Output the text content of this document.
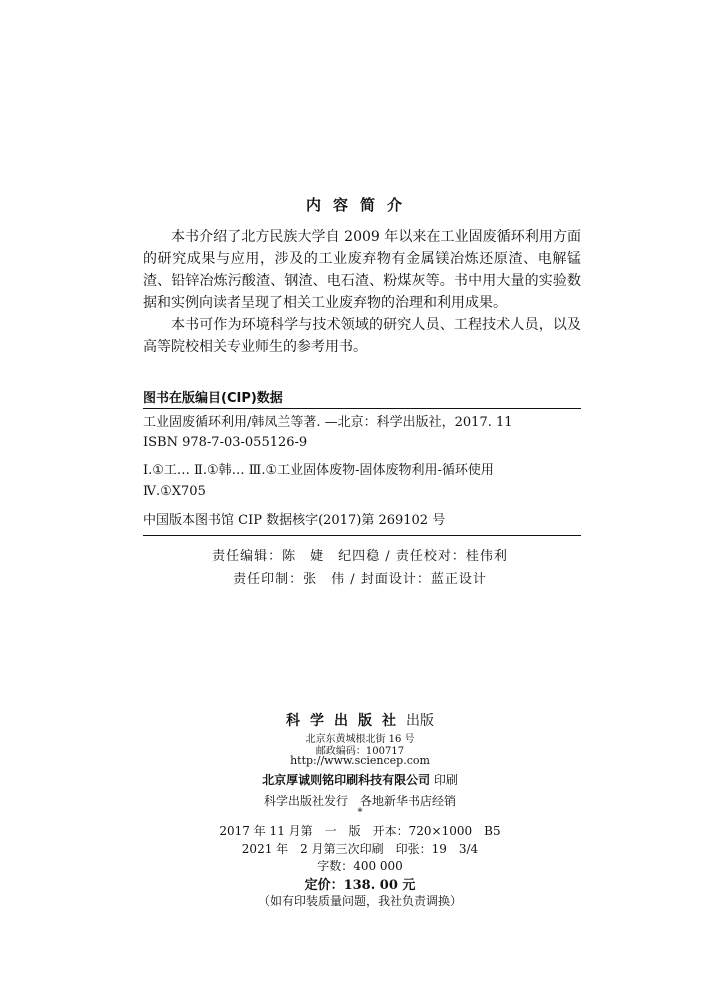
内容简介

本书介绍了北方民族大学自 2009 年以来在工业固废循环利用方面的研究成果与应用，涉及的工业废弃物有金属镁冶炼还原渣、电解锰渣、铅锌冶炼污酸渣、钢渣、电石渣、粉煤灰等。书中用大量的实验数据和实例向读者呈现了相关工业废弃物的治理和利用成果。

本书可作为环境科学与技术领域的研究人员、工程技术人员，以及高等院校相关专业师生的参考用书。

图书在版编目(CIP)数据
工业固废循环利用/韩凤兰等著. —北京：科学出版社，2017. 11
ISBN 978-7-03-055126-9
Ⅰ.①工… Ⅱ.①韩… Ⅲ.①工业固体废物-固体废物利用-循环使用
Ⅳ.①X705
中国版本图书馆 CIP 数据核字(2017)第 269102 号
责任编辑：陈　婕　纪四稳 / 责任校对：桂伟利
责任印制：张　伟 / 封面设计：蓝正设计
科学出版社出版
北京东黄城根北街 16 号
邮政编码：100717
http://www.sciencep.com
北京厚诚则铭印刷科技有限公司 印刷
科学出版社发行　各地新华书店经销
*
2017 年 11 月第　一　版　开本：720×1000　B5
2021 年　2 月第三次印刷　印张：19　3/4
字数：400 000
定价：138. 00 元
（如有印装质量问题，我社负责调换）
